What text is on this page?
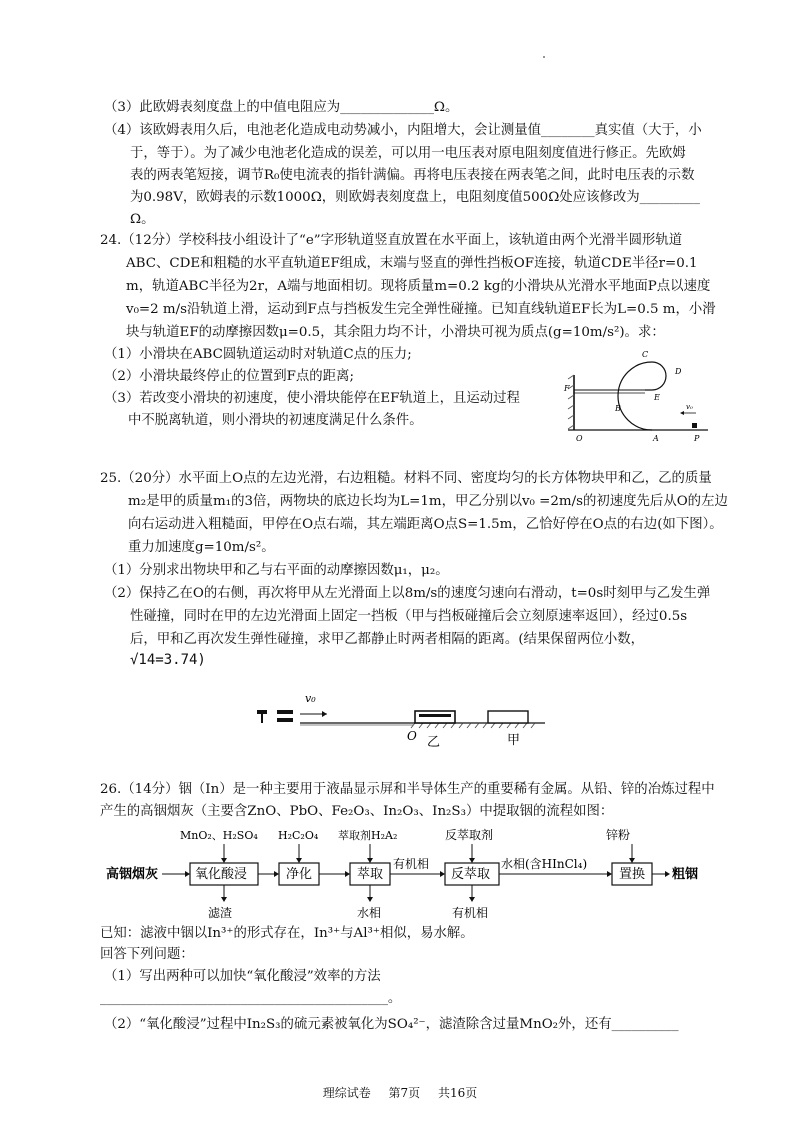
（3）此欧姆表刻度盘上的中值电阻应为______________Ω。
（4）该欧姆表用久后，电池老化造成电动势减小，内阻增大，会让测量值________真实值（大于，小
于，等于）。为了减少电池老化造成的误差，可以用一电压表对原电阻刻度值进行修正。先欧姆
表的两表笔短接，调节R₀使电流表的指针满偏。再将电压表接在两表笔之间，此时电压表的示数
为0.98V，欧姆表的示数1000Ω，则欧姆表刻度盘上，电阻刻度值500Ω处应该修改为_________
Ω。
24.（12分）学校科技小组设计了“e”字形轨道竖直放置在水平面上，该轨道由两个光滑半圆形轨道
ABC、CDE和粗糙的水平直轨道EF组成，末端与竖直的弹性挡板OF连接，轨道CDE半径r=0.1
m，轨道ABC半径为2r，A端与地面相切。现将质量m=0.2 kg的小滑块从光滑水平地面P点以速度
v₀=2 m/s沿轨道上滑，运动到F点与挡板发生完全弹性碰撞。已知直线轨道EF长为L=0.5 m，小滑
块与轨道EF的动摩擦因数μ=0.5，其余阻力均不计，小滑块可视为质点(g=10m/s²)。求：
（1）小滑块在ABC圆轨道运动时对轨道C点的压力;
（2）小滑块最终停止的位置到F点的距离;
（3）若改变小滑块的初速度，使小滑块能停在EF轨道上，且运动过程
中不脱离轨道，则小滑块的初速度满足什么条件。
C
D
F
B
E
v₀
O	A	P
25.（20分）水平面上O点的左边光滑，右边粗糙。材料不同、密度均匀的长方体物块甲和乙，乙的质量
m₂是甲的质量m₁的3倍，两物块的底边长均为L=1m，甲乙分别以v₀ =2m/s的初速度先后从O的左边
向右运动进入粗糙面，甲停在O点右端，其左端距离O点S=1.5m，乙恰好停在O点的右边(如下图）。
重力加速度g=10m/s²。
（1）分别求出物块甲和乙与右平面的动摩擦因数μ₁，μ₂。
（2）保持乙在O的右侧，再次将甲从左光滑面上以8m/s的速度匀速向右滑动，t=0s时刻甲与乙发生弹
性碰撞，同时在甲的左边光滑面上固定一挡板（甲与挡板碰撞后会立刻原速率返回），经过0.5s
后，甲和乙再次发生弹性碰撞，求甲乙都静止时两者相隔的距离。(结果保留两位小数，
√14=3.74)
v₀
O 乙	甲
26.（14分）铟（In）是一种主要用于液晶显示屏和半导体生产的重要稀有金属。从铅、锌的冶炼过程中
产生的高铟烟灰（主要含ZnO、PbO、Fe₂O₃、In₂O₃、In₂S₃）中提取铟的流程如图：
高铟烟灰	氧化酸浸	净化	萃取
有机相
反萃取
水相(含HInCl₄)
置换 粗铟
MnO₂、H₂SO₄ H₂C₂O₄ 萃取剂H₂A₂	反萃取剂	锌粉
滤渣	水相	有机相
已知：滤液中铟以In³⁺的形式存在，In³⁺与Al³⁺相似，易水解。
回答下列问题：
（1）写出两种可以加快“氧化酸浸”效率的方法
___________________________________________。
（2）“氧化酸浸”过程中In₂S₃的硫元素被氧化为SO₄²⁻，滤渣除含过量MnO₂外，还有__________
理综试卷 第7页 共16页
